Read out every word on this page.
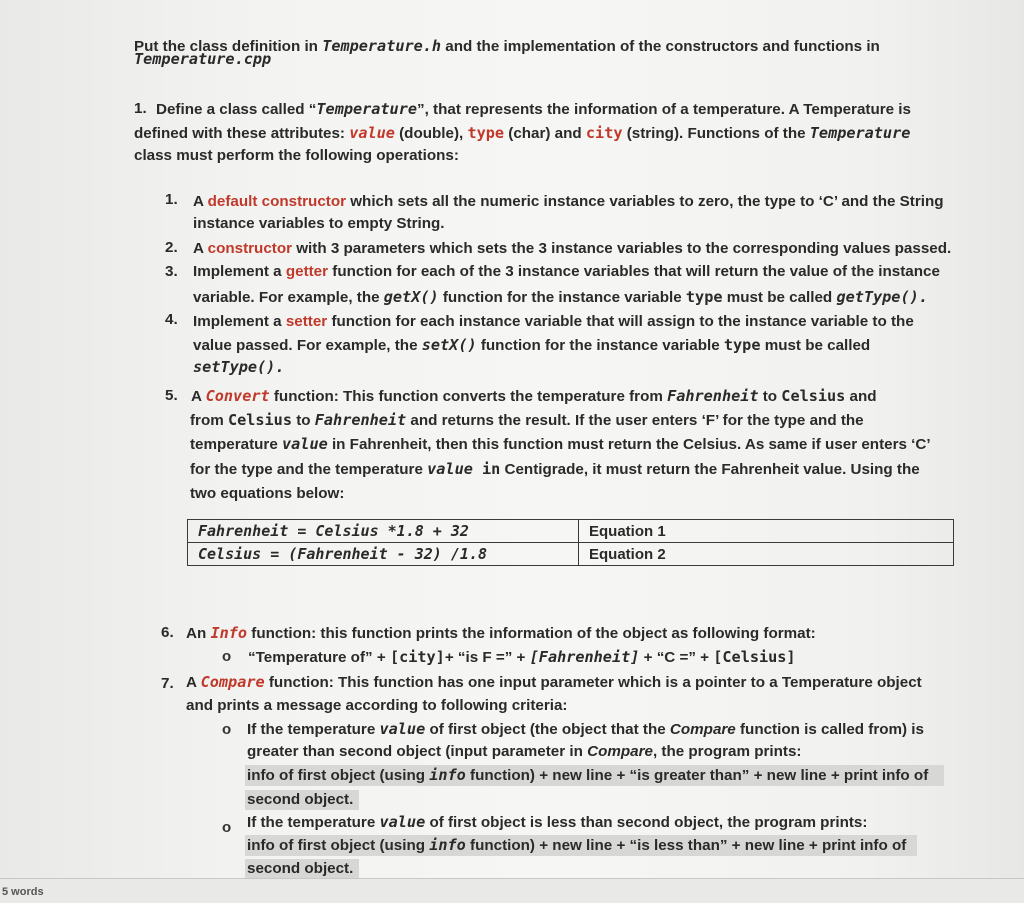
Put the class definition in Temperature.h and the implementation of the constructors and functions in
Temperature.cpp
1. Define a class called “Temperature”, that represents the information of a temperature. A Temperature is
defined with these attributes: value (double), type (char) and city (string). Functions of the Temperature
class must perform the following operations:
1. A default constructor which sets all the numeric instance variables to zero, the type to ‘C’ and the String
instance variables to empty String.
2. A constructor with 3 parameters which sets the 3 instance variables to the corresponding values passed.
3. Implement a getter function for each of the 3 instance variables that will return the value of the instance
variable. For example, the getX() function for the instance variable type must be called getType().
4. Implement a setter function for each instance variable that will assign to the instance variable to the
value passed. For example, the setX() function for the instance variable type must be called
setType().
5. A Convert function: This function converts the temperature from Fahrenheit to Celsius and
from Celsius to Fahrenheit and returns the result. If the user enters ‘F’ for the type and the
temperature value in Fahrenheit, then this function must return the Celsius. As same if user enters ‘C’
for the type and the temperature value in Centigrade, it must return the Fahrenheit value. Using the
two equations below:
Fahrenheit = Celsius *1.8 + 32	Equation 1
Celsius = (Fahrenheit - 32) /1.8	Equation 2
6. An Info function: this function prints the information of the object as following format:
o “Temperature of” + [city]+ “is F =” + [Fahrenheit] + “C =” + [Celsius]
7. A Compare function: This function has one input parameter which is a pointer to a Temperature object
and prints a message according to following criteria:
o If the temperature value of first object (the object that the Compare function is called from) is
greater than second object (input parameter in Compare, the program prints:
info of first object (using info function) + new line + “is greater than” + new line + print info of
second object.
o If the temperature value of first object is less than second object, the program prints:
info of first object (using info function) + new line + “is less than” + new line + print info of
second object.
5 words
